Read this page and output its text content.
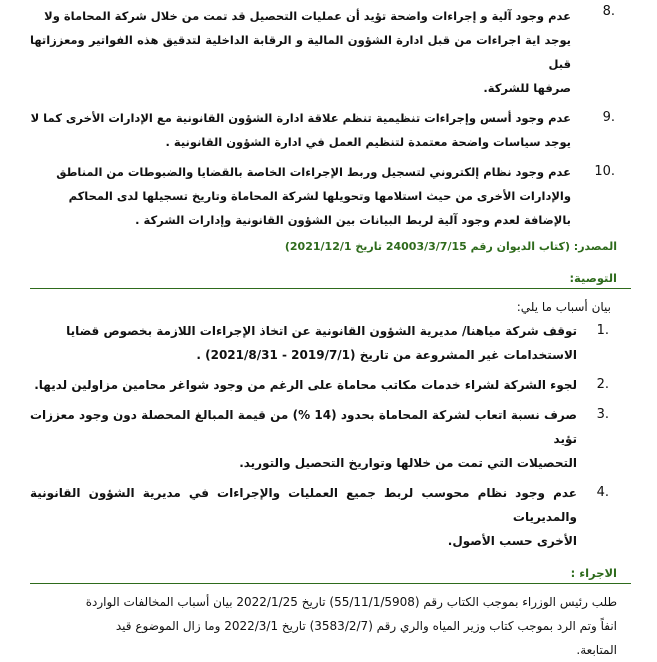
8.
عدم وجود آلية و إجراءات واضحة تؤيد أن عمليات التحصيل قد تمت من خلال شركة المحاماة ولا
يوجد اية اجراءات من قبل ادارة الشؤون المالية و الرقابة الداخلية لتدقيق هذه الفواتير ومعززاتها قبل
صرفها للشركة.
9.
عدم وجود أسس وإجراءات تنظيمية تنظم علاقة ادارة الشؤون القانونية مع الإدارات الأخرى كما لا
يوجد سياسات واضحة معتمدة لتنظيم العمل في ادارة الشؤون القانونية .
10.
عدم وجود نظام إلكتروني لتسجيل وربط الإجراءات الخاصة بالقضايا والضبوطات من المناطق
والإدارات الأخرى من حيث استلامها وتحويلها لشركة المحاماة وتاريخ تسجيلها لدى المحاكم
بالإضافة لعدم وجود آلية لربط البيانات بين الشؤون القانونية وإدارات الشركة .
المصدر: (كتاب الديوان رقم 24003/3/7/15 تاريخ 2021/12/1)
التوصية:
بيان أسباب ما يلي:
1.
توقف شركة مياهنا/ مديرية الشؤون القانونية عن اتخاذ الإجراءات اللازمة بخصوص قضايا
الاستخدامات غير المشروعة من تاريخ (2019/7/1 - 2021/8/31) .
2.
لجوء الشركة لشراء خدمات مكاتب محاماة على الرغم من وجود شواغر محامين مزاولين لديها.
3.
صرف نسبة اتعاب لشركة المحاماة بحدود (14 %) من قيمة المبالغ المحصلة دون وجود معززات تؤيد
التحصيلات التي تمت من خلالها وتواريخ التحصيل والتوريد.
4.
عدم وجود نظام محوسب لربط جميع العمليات والإجراءات في مديرية الشؤون القانونية والمديريات
الأخرى حسب الأصول.
الاجراء :
طلب رئيس الوزراء بموجب الكتاب رقم (55/11/1/5908) تاريخ 2022/1/25 بيان أسباب المخالفات الواردة
انفاً وتم الرد بموجب كتاب وزير المياه والري رقم (3583/2/7) تاريخ 2022/3/1 وما زال الموضوع قيد
المتابعة.
